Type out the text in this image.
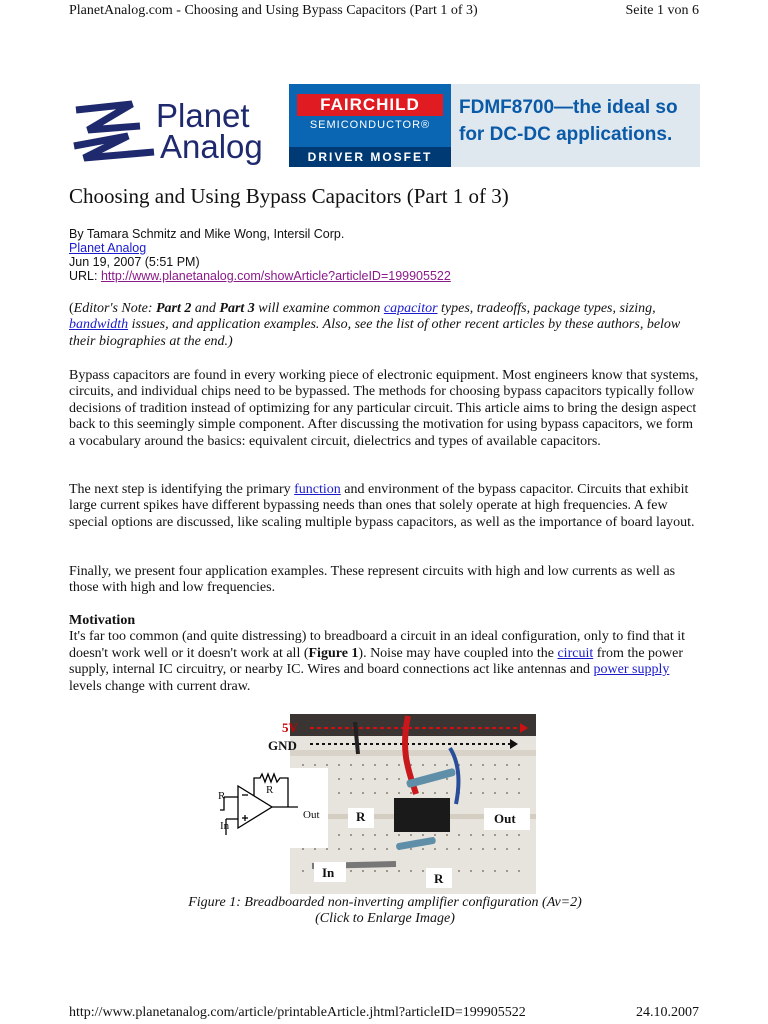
PlanetAnalog.com - Choosing and Using Bypass Capacitors (Part 1 of 3)	Seite 1 von 6
Planet
Analog
FAIRCHILD
SEMICONDUCTOR®
DRIVER MOSFET
FDMF8700—the ideal so
for DC-DC applications.
Choosing and Using Bypass Capacitors (Part 1 of 3)
By Tamara Schmitz and Mike Wong, Intersil Corp.
Planet Analog
Jun 19, 2007 (5:51 PM)
URL: http://www.planetanalog.com/showArticle?articleID=199905522

(Editor's Note: Part 2 and Part 3 will examine common capacitor types, tradeoffs, package types, sizing, bandwidth issues, and application examples. Also, see the list of other recent articles by these authors, below their biographies at the end.)

Bypass capacitors are found in every working piece of electronic equipment. Most engineers know that systems, circuits, and individual chips need to be bypassed. The methods for choosing bypass capacitors typically follow decisions of tradition instead of optimizing for any particular circuit. This article aims to bring the design aspect back to this seemingly simple component. After discussing the motivation for using bypass capacitors, we form a vocabulary around the basics: equivalent circuit, dielectrics and types of available capacitors.

The next step is identifying the primary function and environment of the bypass capacitor. Circuits that exhibit large current spikes have different bypassing needs than ones that solely operate at high frequencies. A few special options are discussed, like scaling multiple bypass capacitors, as well as the importance of board layout.

Finally, we present four application examples. These represent circuits with high and low currents as well as those with high and low frequencies.

Motivation

It's far too common (and quite distressing) to breadboard a circuit in an ideal configuration, only to find that it doesn't work well or it doesn't work at all (Figure 1). Noise may have coupled into the circuit from the power supply, internal IC circuitry, or nearby IC. Wires and board connections act like antennas and power supply levels change with current draw.

5V
GND
R
R
In
Out	R	Out
In	R
Figure 1: Breadboarded non-inverting amplifier configuration (Av=2)
(Click to Enlarge Image)
http://www.planetanalog.com/article/printableArticle.jhtml?articleID=199905522	24.10.2007
